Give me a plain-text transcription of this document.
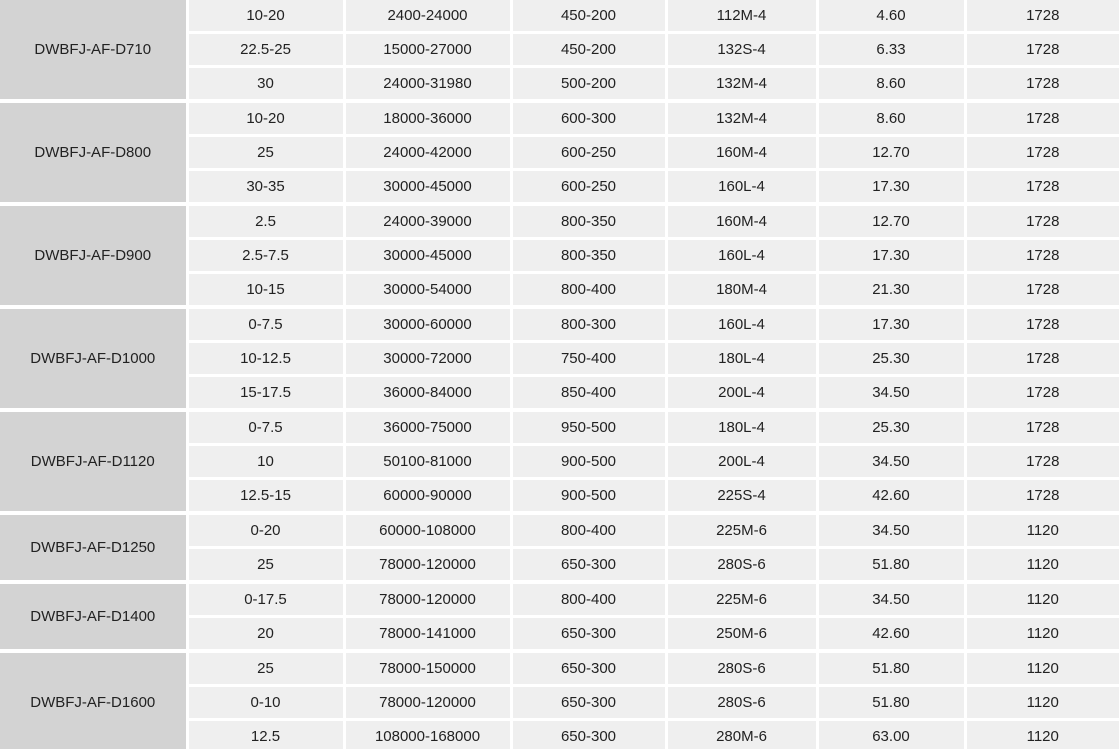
DWBFJ-AF-D710	10-20	2400-24000	450-200	112M-4	4.60	1728
	22.5-25	15000-27000	450-200	132S-4	6.33	1728
	30	24000-31980	500-200	132M-4	8.60	1728
DWBFJ-AF-D800	10-20	18000-36000	600-300	132M-4	8.60	1728
	25	24000-42000	600-250	160M-4	12.70	1728
	30-35	30000-45000	600-250	160L-4	17.30	1728
DWBFJ-AF-D900	2.5	24000-39000	800-350	160M-4	12.70	1728
	2.5-7.5	30000-45000	800-350	160L-4	17.30	1728
	10-15	30000-54000	800-400	180M-4	21.30	1728
DWBFJ-AF-D1000	0-7.5	30000-60000	800-300	160L-4	17.30	1728
	10-12.5	30000-72000	750-400	180L-4	25.30	1728
	15-17.5	36000-84000	850-400	200L-4	34.50	1728
DWBFJ-AF-D1120	0-7.5	36000-75000	950-500	180L-4	25.30	1728
	10	50100-81000	900-500	200L-4	34.50	1728
	12.5-15	60000-90000	900-500	225S-4	42.60	1728
DWBFJ-AF-D1250	0-20	60000-108000	800-400	225M-6	34.50	1120
	25	78000-120000	650-300	280S-6	51.80	1120
DWBFJ-AF-D1400	0-17.5	78000-120000	800-400	225M-6	34.50	1120
	20	78000-141000	650-300	250M-6	42.60	1120
DWBFJ-AF-D1600	25	78000-150000	650-300	280S-6	51.80	1120
	0-10	78000-120000	650-300	280S-6	51.80	1120
	12.5	108000-168000	650-300	280M-6	63.00	1120
